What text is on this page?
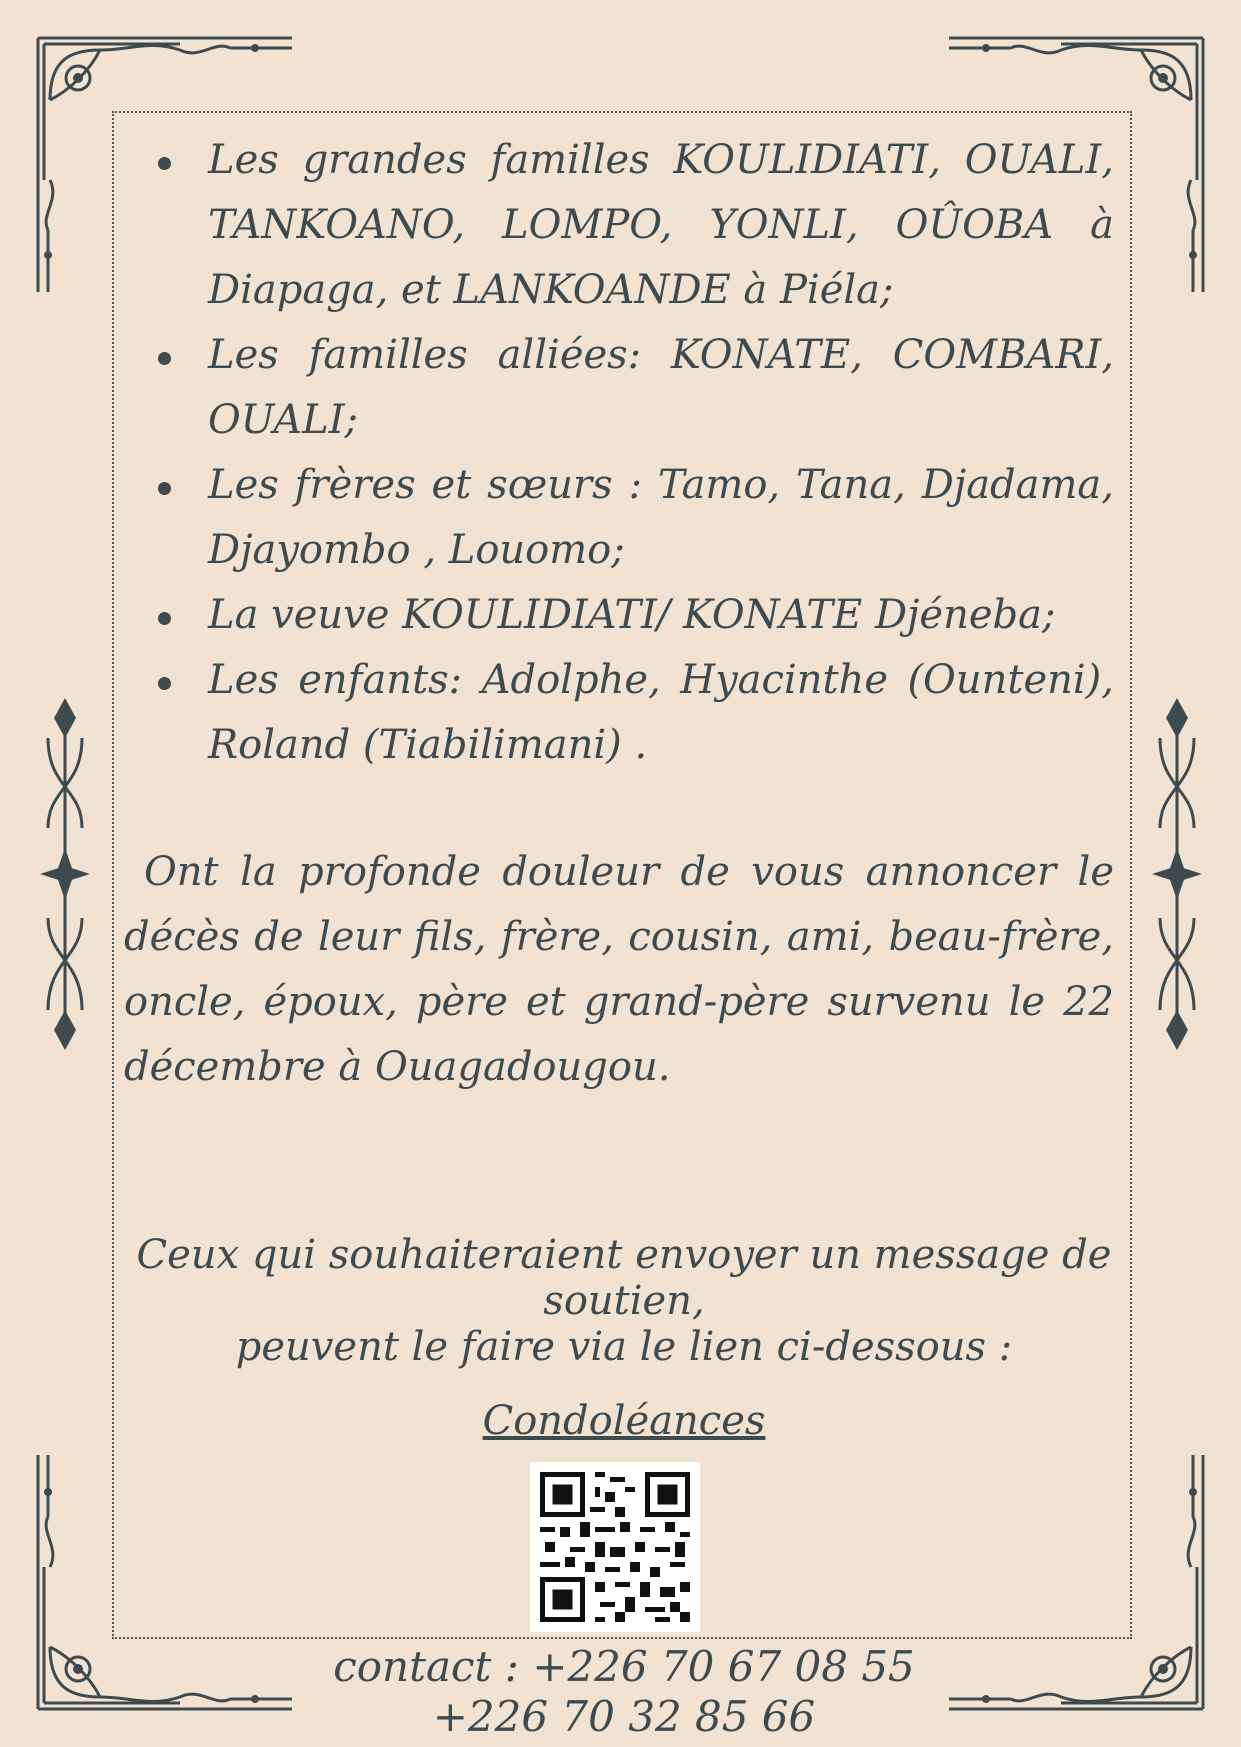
Les grandes familles KOULIDIATI, OUALI, TANKOANO, LOMPO, YONLI, OÛOBA à Diapaga, et LANKOANDE à Piéla;
Les familles alliées: KONATE, COMBARI, OUALI;
Les frères et sœurs : Tamo, Tana, Djadama, Djayombo , Louomo;
La veuve KOULIDIATI/ KONATE Djéneba;
Les enfants: Adolphe, Hyacinthe (Ounteni), Roland (Tiabilimani) .

Ont la profonde douleur de vous annoncer le décès de leur fils, frère, cousin, ami, beau-frère, oncle, époux, père et grand-père survenu le 22 décembre à Ouagadougou.

Ceux qui souhaiteraient envoyer un message de
soutien,
peuvent le faire via le lien ci-dessous :
Condoléances
contact : +226 70 67 08 55
+226 70 32 85 66
